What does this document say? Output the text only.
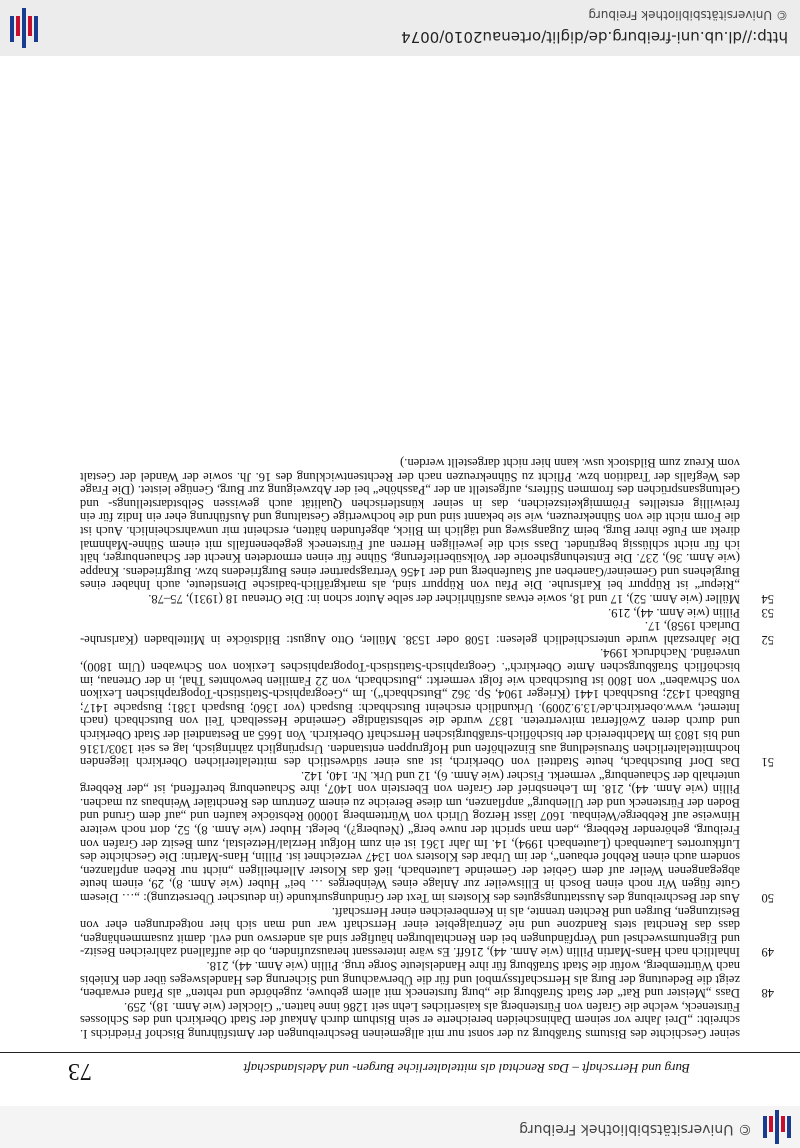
© Universitätsbibliothek Freiburg
Burg und Herrschaft – Das Renchtal als mittelalterliche Burgen- und Adelslandschaft
73

seiner Geschichte des Bistums Straßburg zu der sonst nur mit allgemeinen Beschreibungen der Amtsführung Bischof Friedrichs I. schreibt: „Drei Jahre vor seinem Dahinscheiden bereicherte er sein Bisthum durch Ankauf der Stadt Oberkirch und des Schlosses Fürsteneck, welche die Grafen von Fürstenberg als kaiserliches Lehn seit 1286 inne hatten.“ Glöckler (wie Anm. 18), 259.

48
Dass „Meister und Rat“ der Stadt Straßburg die „burg fursteneck mit allem gebuwe, zugehörde und rehten“ als Pfand erwarben, zeigt die Bedeutung der Burg als Herrschaftssymbol und für die Überwachung und Sicherung des Handelsweges über den Kniebis nach Württemberg, wofür die Stadt Straßburg für ihre Handelsleute Sorge trug. Pillin (wie Anm. 44), 218.
49
Inhaltlich nach Hans-Martin Pillin (wie Anm. 44), 216ff. Es wäre interessant herauszufinden, ob die auffallend zahlreichen Besitz- und Eigentumswechsel und Verpfändungen bei den Renchtalburgen häufiger sind als anderswo und evtl. damit zusammenhängen, dass das Renchtal stets Randzone und nie Zentralgebiet einer Herrschaft war und man sich hier notgedrungen eher von Besitzungen, Burgen und Rechten trennte, als in Kernbereichen einer Herrschaft.
50
Aus der Beschreibung des Ausstattungsgutes des Klosters im Text der Gründungsurkunde (in deutscher Übersetzung): „… Diesem Gute fügen Wir noch einen Bosch in Ellisweiler zur Anlage eines Weinberges … bei“ Huber (wie Anm. 8), 29, einem heute abgegangenen Weiler auf dem Gebiet der Gemeinde Lautenbach, ließ das Kloster Allerheiligen „nicht nur Reben anpflanzen, sondern auch einen Rebhof erbauen“, der im Urbar des Klosters von 1347 verzeichnet ist. Pillin, Hans-Martin: Die Geschichte des Luftkurortes Lautenbach (Lautenbach 1994), 14. Im Jahr 1361 ist ein zum Hofgut Herzlal/Hetzelstal, zum Besitz der Grafen von Freiburg, gehörender Rebberg, „den man spricht der nuwe berg“ (Neuberg?), belegt. Huber (wie Anm. 8), 52, dort noch weitere Hinweise auf Rebberge/Weinbau. 1607 lässt Herzog Ulrich von Württemberg 10000 Rebstöcke kaufen und „auf dem Grund und Boden der Fürsteneck und der Ullenburg“ anpflanzen, um diese Bereiche zu einem Zentrum des Renchtäler Weinbaus zu machen. Pillin (wie Anm. 44), 218. Im Lehensbrief der Grafen von Eberstein von 1407, ihre Schauenburg betreffend, ist „der Rebberg unterhalb der Schauenburg“ vermerkt. Fischer (wie Anm. 6), 12 und Urk. Nr. 140, 142.
51
Das Dorf Butschbach, heute Stadtteil von Oberkirch, ist aus einer südwestlich des mittelalterlichen Oberkirch liegenden hochmittelalterlichen Streusiedlung aus Einzelhöfen und Hofgruppen entstanden. Ursprünglich zähringisch, lag es seit 1303/1316 und bis 1803 im Machtbereich der bischöflich-straßburgischen Herrschaft Oberkirch. Von 1665 an Bestandteil der Stadt Oberkirch und durch deren Zwölferrat mitvertreten. 1837 wurde die selbstständige Gemeinde Hesselbach Teil von Butschbach (nach Internet, www.oberkirch.de/13.9.2009). Urkundlich erscheint Butschbach: Buspach (vor 1360; Buspach 1381; Buspache 1417; Bußbach 1432; Buschbach 1441 (Krieger 1904, Sp. 362 „Butschbach“). Im „Geographisch-Statistisch-Topographischen Lexikon von Schwaben“ von 1800 ist Butschbach wie folgt vermerkt: „Butschbach, von 22 Familien bewohntes Thal, in der Ortenau, im bischöflich Straßburgschen Amte Oberkirch“. Geographisch-Statistisch-Topographisches Lexikon von Schwaben (Ulm 1800), unveränd. Nachdruck 1994.
52
Die Jahreszahl wurde unterschiedlich gelesen: 1508 oder 1538. Müller, Otto August: Bildstöcke in Mittelbaden (Karlsruhe-Durlach 1958), 17.
53
Pillin (wie Anm. 44), 219.
54
Müller (wie Anm. 52), 17 und 18, sowie etwas ausführlicher der selbe Autor schon in: Die Ortenau 18 (1931), 75–78.

„Riepur“ ist Rüppurr bei Karlsruhe. Die Pfau von Rüppurr sind, als markgräflich-badische Dienstleute, auch Inhaber eines Burglehens und Gemeiner/Ganerben auf Staufenberg und der 1456 Vertragspartner eines Burgfriedens bzw. Burgfriedens. Knappe (wie Anm. 36), 237. Die Entstehungstheorie der Volksüberlieferung, Sühne für einen ermordeten Knecht der Schauenburger, hält ich für nicht schlüssig begründet. Dass sich die jeweiligen Herren auf Fürsteneck gegebenenfalls mit einem Sühne-Mahnmal direkt am Fuße ihrer Burg, beim Zugangsweg und täglich im Blick, abgefunden hätten, erscheint mir unwahrscheinlich. Auch ist die Form nicht die von Sühnekreuzen, wie sie bekannt sind und die hochwertige Gestaltung und Ausführung eher ein Indiz für ein freiwillig erstelltes Frömmigkeitszeichen, das in seiner künstlerischen Qualität auch gewissen Selbstdarstellungs- und Geltungsansprüchen des frommen Stifters, aufgestellt an der „Passhöhe“ bei der Abzweigung zur Burg, Genüge leistet. (Die Frage des Wegfalls der Tradition bzw. Pflicht zu Sühnekreuzen nach der Rechtsentwicklung des 16. Jh. sowie der Wandel der Gestalt vom Kreuz zum Bildstock usw. kann hier nicht dargestellt werden.)

http://dl.ub.uni-freiburg.de/diglit/ortenau2010/0074
© Universitätsbibliothek Freiburg
